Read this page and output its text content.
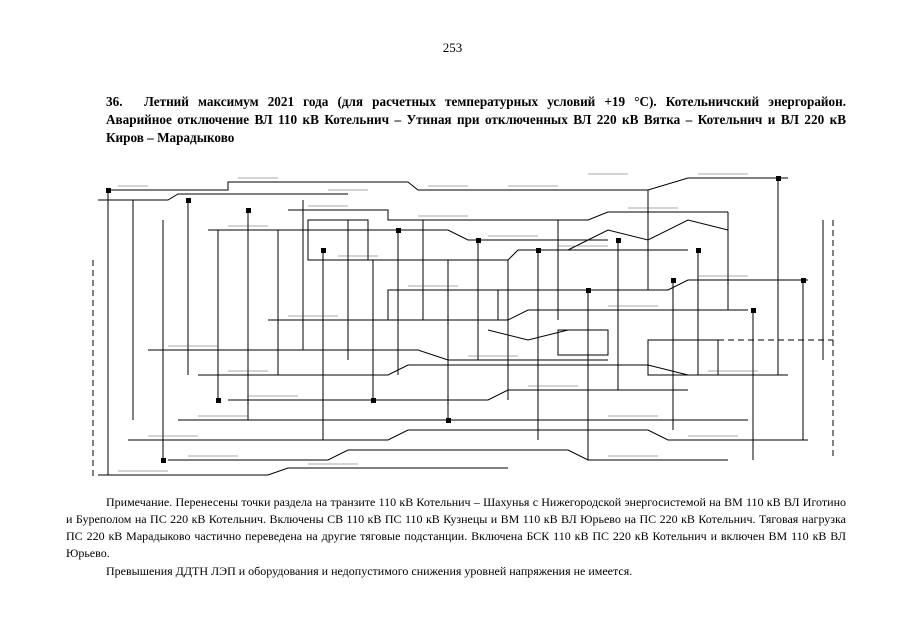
253
36. Летний максимум 2021 года (для расчетных температурных условий +19 °С). Котельничский энергорайон. Аварийное отключение ВЛ 110 кВ Котельнич – Утиная при отключенных ВЛ 220 кВ Вятка – Котельнич и ВЛ 220 кВ Киров – Марадыково

Примечание. Перенесены точки раздела на транзите 110 кВ Котельнич – Шахунья с Нижегородской энергосистемой на ВМ 110 кВ ВЛ Иготино и Буреполом на ПС 220 кВ Котельнич. Включены СВ 110 кВ ПС 110 кВ Кузнецы и ВМ 110 кВ ВЛ Юрьево на ПС 220 кВ Котельнич. Тяговая нагрузка ПС 220 кВ Марадыково частично переведена на другие тяговые подстанции. Включена БСК 110 кВ ПС 220 кВ Котельнич и включен ВМ 110 кВ ВЛ Юрьево.

Превышения ДДТН ЛЭП и оборудования и недопустимого снижения уровней напряжения не имеется.
